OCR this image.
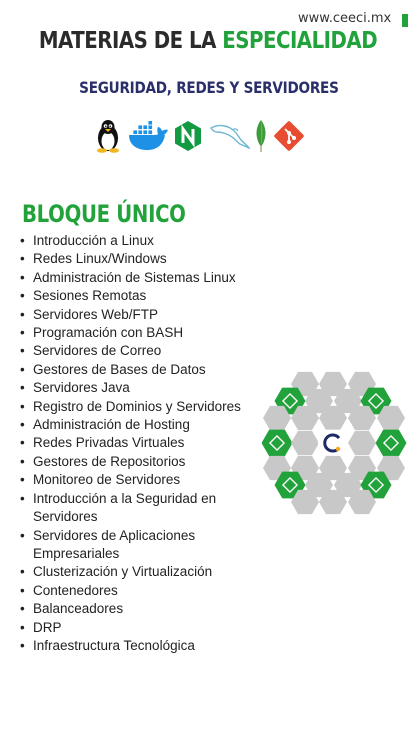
www.ceeci.mx
MATERIAS DE LA ESPECIALIDAD
SEGURIDAD, REDES Y SERVIDORES
BLOQUE ÚNICO
• Introducción a Linux
• Redes Linux/Windows
• Administración de Sistemas Linux
• Sesiones Remotas
• Servidores Web/FTP
• Programación con BASH
• Servidores de Correo
• Gestores de Bases de Datos
• Servidores Java
• Registro de Dominios y Servidores
• Administración de Hosting
• Redes Privadas Virtuales
• Gestores de Repositorios
• Monitoreo de Servidores
• Introducción a la Seguridad en Servidores
• Servidores de Aplicaciones Empresariales
• Clusterización y Virtualización
• Contenedores
• Balanceadores
• DRP
• Infraestructura Tecnológica
